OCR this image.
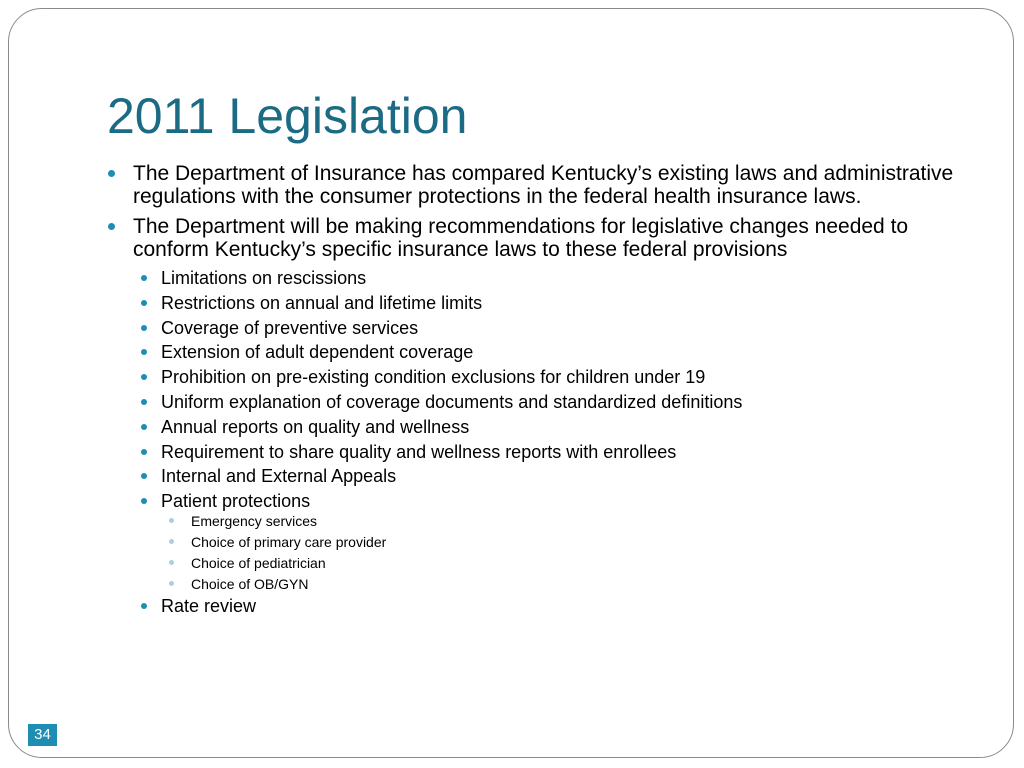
2011 Legislation
The Department of Insurance has compared Kentucky’s existing laws and administrative regulations with the consumer protections in the federal health insurance laws.
The Department will be making recommendations for legislative changes needed to conform Kentucky’s specific insurance laws to these federal provisions
Limitations on rescissions
Restrictions on annual and lifetime limits
Coverage of preventive services
Extension of adult dependent coverage
Prohibition on pre-existing condition exclusions for children under 19
Uniform explanation of coverage documents and standardized definitions
Annual reports on quality and wellness
Requirement to share quality and wellness reports with enrollees
Internal and External Appeals
Patient protections
Emergency services
Choice of primary care provider
Choice of pediatrician
Choice of OB/GYN
Rate review
34
